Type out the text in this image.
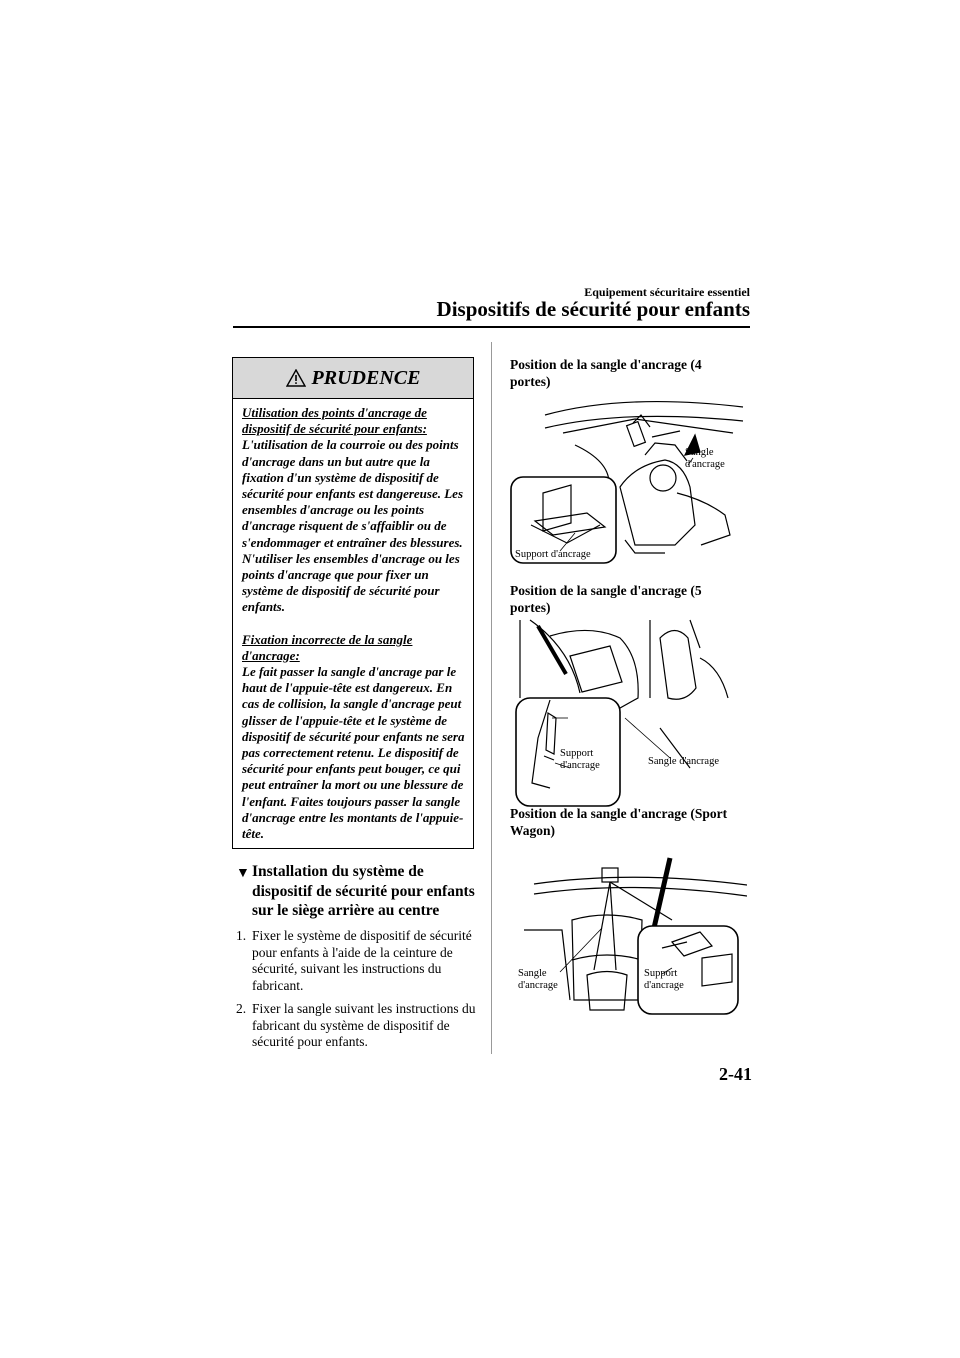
Equipement sécuritaire essentiel
Dispositifs de sécurité pour enfants
PRUDENCE

Utilisation des points d'ancrage de dispositif de sécurité pour enfants:

L'utilisation de la courroie ou des points d'ancrage dans un but autre que la fixation d'un système de dispositif de sécurité pour enfants est dangereuse. Les ensembles d'ancrage ou les points d'ancrage risquent de s'affaiblir ou de s'endommager et entraîner des blessures. N'utiliser les ensembles d'ancrage ou les points d'ancrage que pour fixer un système de dispositif de sécurité pour enfants.

Fixation incorrecte de la sangle d'ancrage:

Le fait passer la sangle d'ancrage par le haut de l'appuie-tête est dangereux. En cas de collision, la sangle d'ancrage peut glisser de l'appuie-tête et le système de dispositif de sécurité pour enfants ne sera pas correctement retenu. Le dispositif de sécurité pour enfants peut bouger, ce qui peut entraîner la mort ou une blessure de l'enfant. Faites toujours passer la sangle d'ancrage entre les montants de l'appuie-tête.

▼ Installation du système de dispositif de sécurité pour enfants sur le siège arrière au centre
1. Fixer le système de dispositif de sécurité pour enfants à l'aide de la ceinture de sécurité, suivant les instructions du fabricant.
2. Fixer la sangle suivant les instructions du fabricant du système de dispositif de sécurité pour enfants.
Position de la sangle d'ancrage (4 portes)
Sangle d'ancrage
Support d'ancrage
Position de la sangle d'ancrage (5 portes)
Support d'ancrage	Sangle d'ancrage
Position de la sangle d'ancrage (Sport Wagon)
Sangle d'ancrage
Support d'ancrage
2-41
